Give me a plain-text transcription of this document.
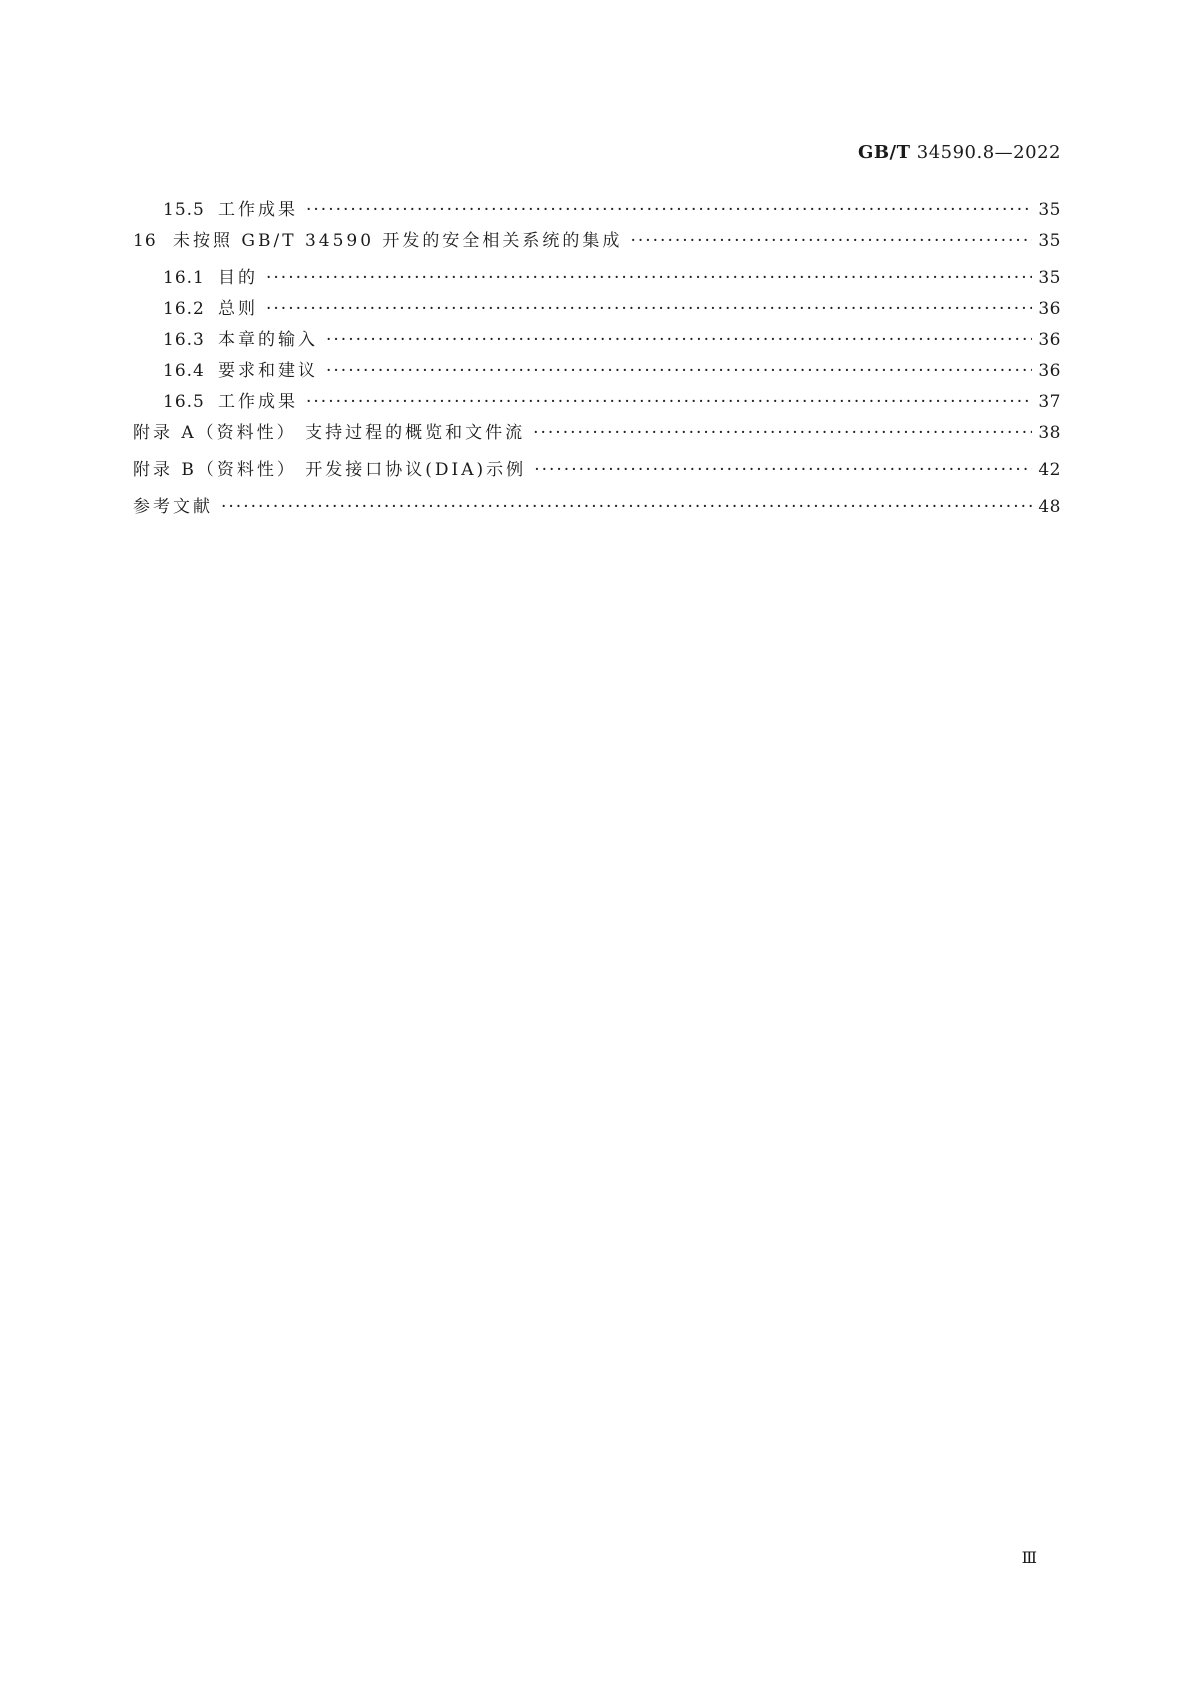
GB/T 34590.8—2022
15.5 工作成果 ·····	35
16 未按照 GB/T 34590 开发的安全相关系统的集成 ·····	35
16.1 目的 ·····	35
16.2 总则 ·····	36
16.3 本章的输入 ·····	36
16.4 要求和建议 ·····	36
16.5 工作成果 ·····	37
附录 A（资料性） 支持过程的概览和文件流 ·····	38
附录 B（资料性） 开发接口协议(DIA)示例 ·····	42
参考文献 ·····	48
Ⅲ
